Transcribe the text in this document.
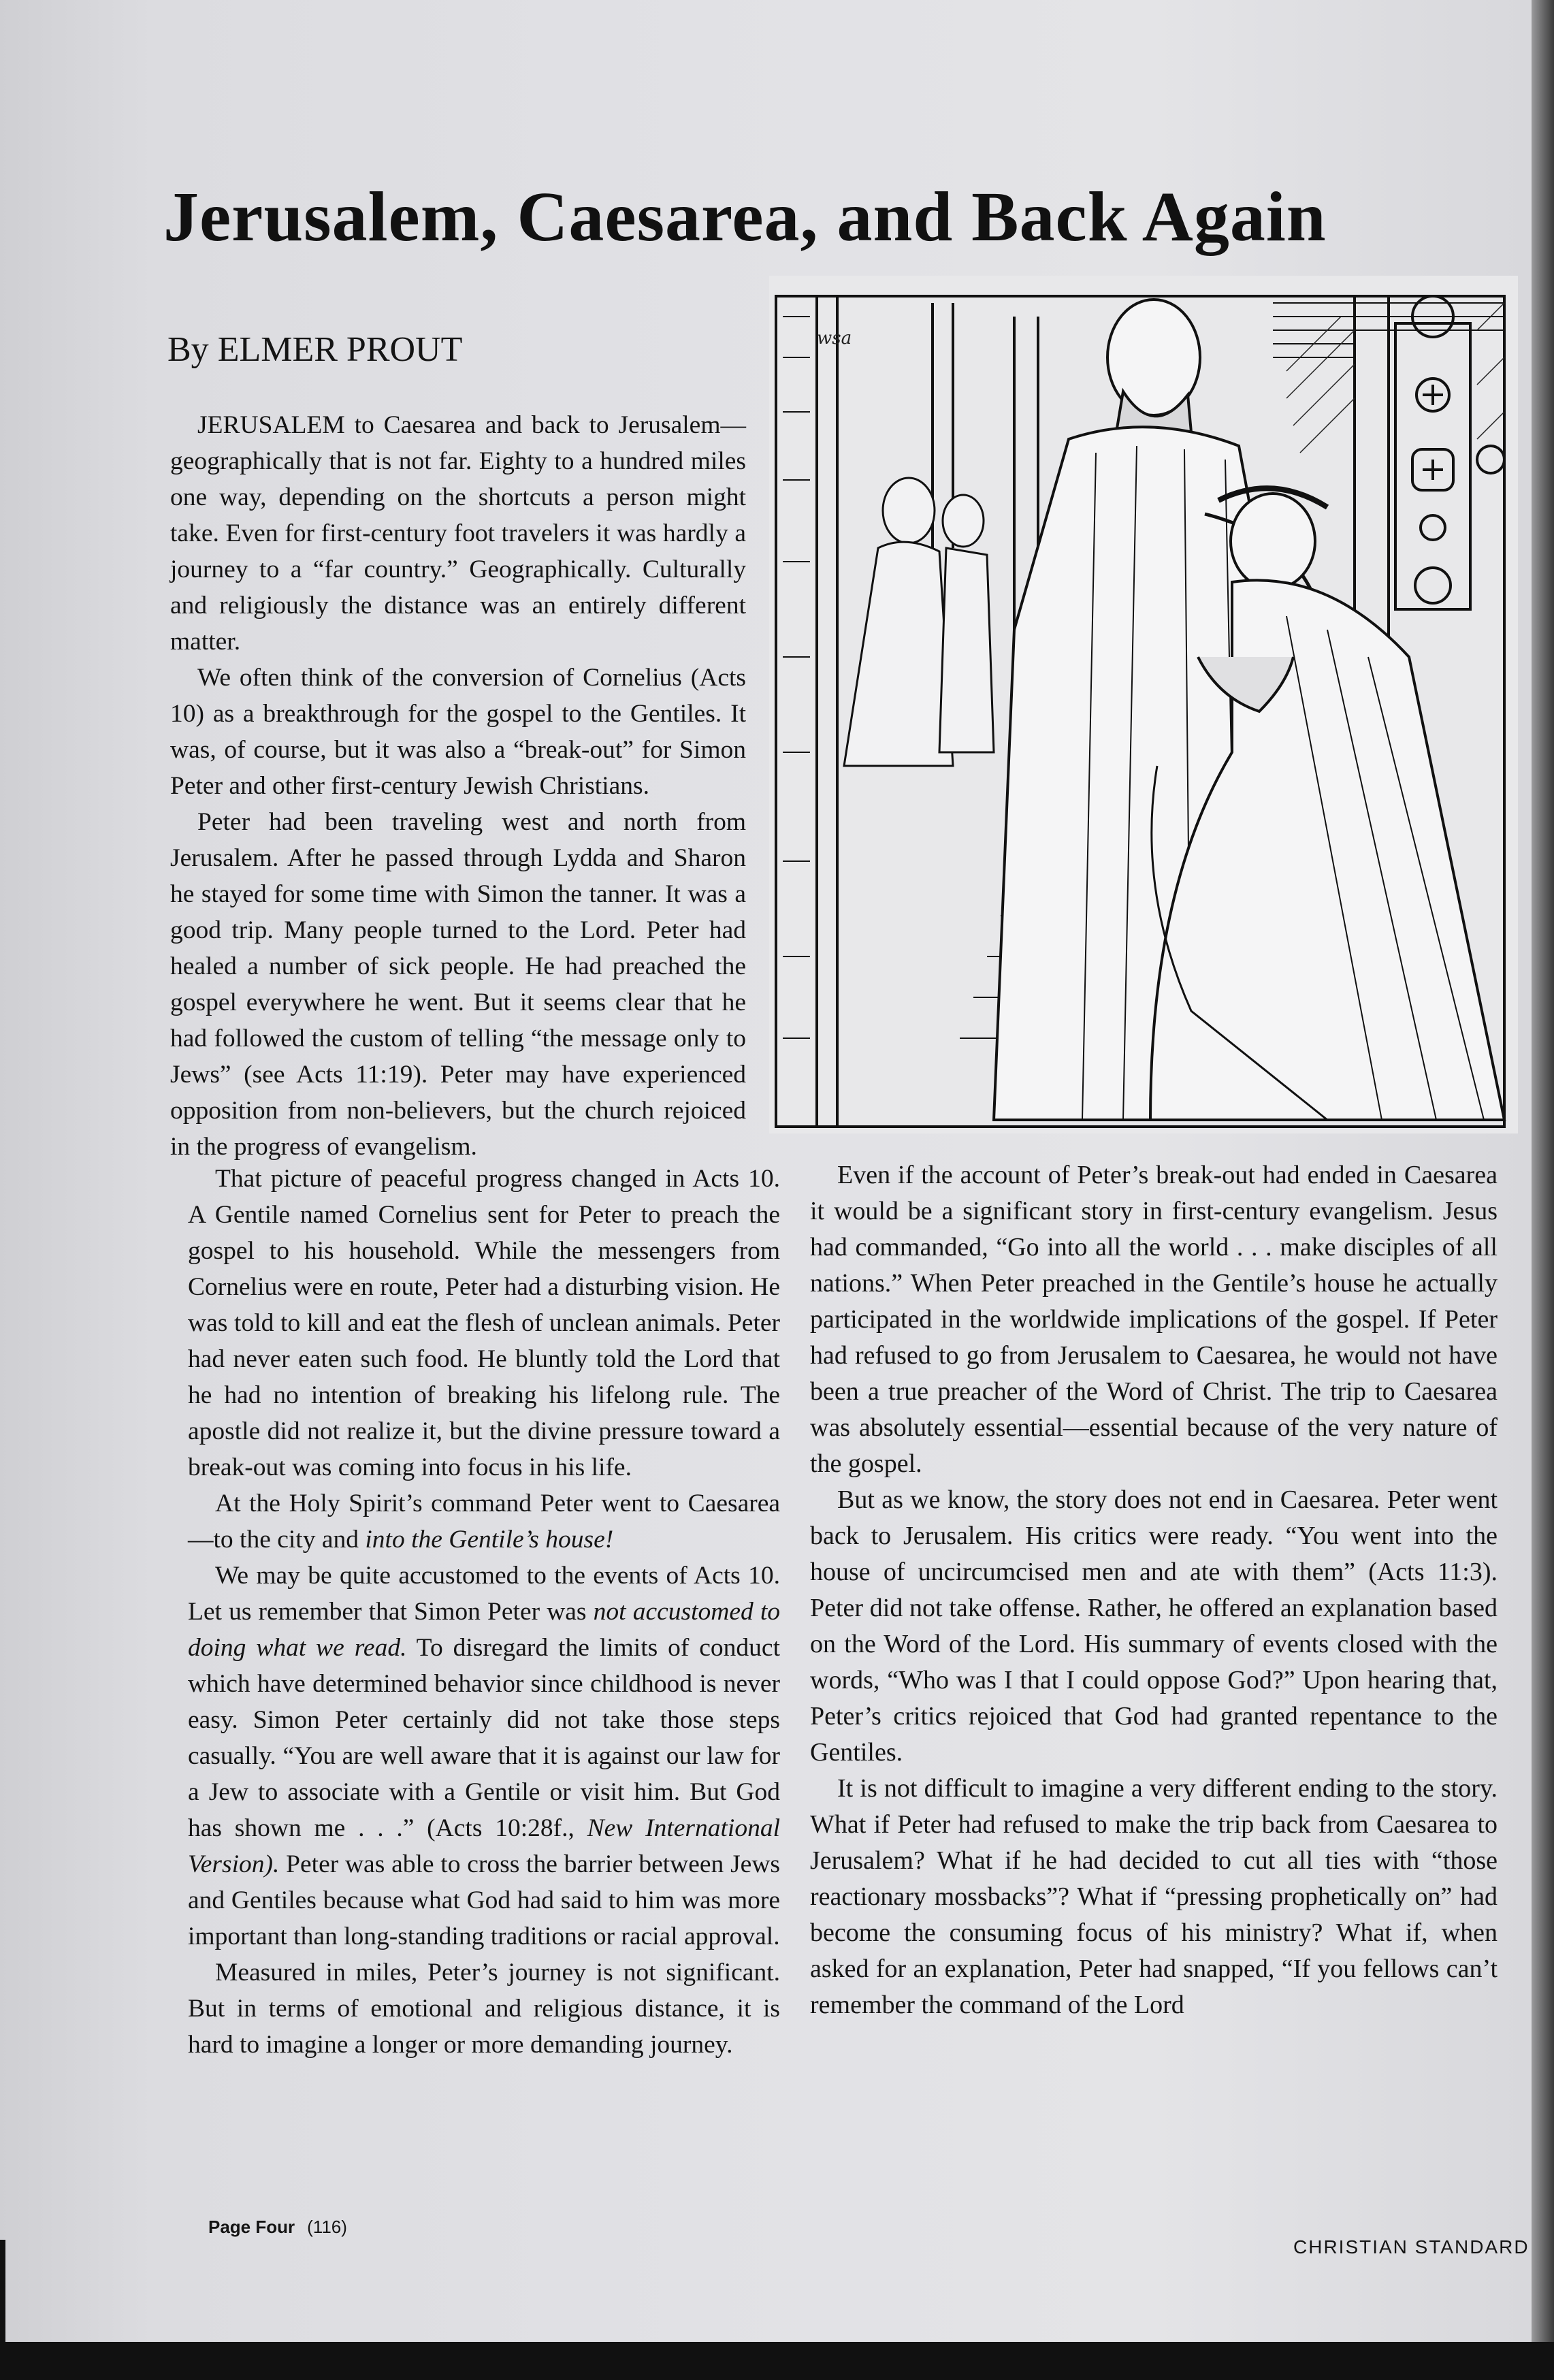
Jerusalem, Caesarea, and Back Again

By ELMER PROUT

JERUSALEM to Caesarea and back to Jerusalem—geographically that is not far. Eighty to a hundred miles one way, depending on the shortcuts a person might take. Even for first-century foot travelers it was hardly a journey to a “far country.” Geographically. Culturally and religiously the distance was an entirely different matter.

We often think of the conversion of Cornelius (Acts 10) as a breakthrough for the gospel to the Gentiles. It was, of course, but it was also a “break-out” for Simon Peter and other first-century Jewish Christians.

Peter had been traveling west and north from Jerusalem. After he passed through Lydda and Sharon he stayed for some time with Simon the tanner. It was a good trip. Many people turned to the Lord. Peter had healed a number of sick people. He had preached the gospel everywhere he went. But it seems clear that he had followed the custom of telling “the message only to Jews” (see Acts 11:19). Peter may have experienced opposition from non-believers, but the church rejoiced in the progress of evangelism.

That picture of peaceful progress changed in Acts 10. A Gentile named Cornelius sent for Peter to preach the gospel to his household. While the messengers from Cornelius were en route, Peter had a disturbing vision. He was told to kill and eat the flesh of unclean animals. Peter had never eaten such food. He bluntly told the Lord that he had no intention of breaking his lifelong rule. The apostle did not realize it, but the divine pressure toward a break-out was coming into focus in his life.

At the Holy Spirit’s command Peter went to Caesarea—to the city and into the Gentile’s house!

We may be quite accustomed to the events of Acts 10. Let us remember that Simon Peter was not accustomed to doing what we read. To disregard the limits of conduct which have determined behavior since childhood is never easy. Simon Peter certainly did not take those steps casually. “You are well aware that it is against our law for a Jew to associate with a Gentile or visit him. But God has shown me . . .” (Acts 10:28f., New International Version). Peter was able to cross the barrier between Jews and Gentiles because what God had said to him was more important than long-standing traditions or racial approval.

Measured in miles, Peter’s journey is not significant. But in terms of emotional and religious distance, it is hard to imagine a longer or more demanding journey.

Even if the account of Peter’s break-out had ended in Caesarea it would be a significant story in first-century evangelism. Jesus had commanded, “Go into all the world . . . make disciples of all nations.” When Peter preached in the Gentile’s house he actually participated in the worldwide implications of the gospel. If Peter had refused to go from Jerusalem to Caesarea, he would not have been a true preacher of the Word of Christ. The trip to Caesarea was absolutely essential—essential because of the very nature of the gospel.

But as we know, the story does not end in Caesarea. Peter went back to Jerusalem. His critics were ready. “You went into the house of uncircumcised men and ate with them” (Acts 11:3). Peter did not take offense. Rather, he offered an explanation based on the Word of the Lord. His summary of events closed with the words, “Who was I that I could oppose God?” Upon hearing that, Peter’s critics rejoiced that God had granted repentance to the Gentiles.

It is not difficult to imagine a very different ending to the story. What if Peter had refused to make the trip back from Caesarea to Jerusalem? What if he had decided to cut all ties with “those reactionary mossbacks”? What if “pressing prophetically on” had become the consuming focus of his ministry? What if, when asked for an explanation, Peter had snapped, “If you fellows can’t remember the command of the Lord

wsa
Page Four (116)
CHRISTIAN STANDARD
